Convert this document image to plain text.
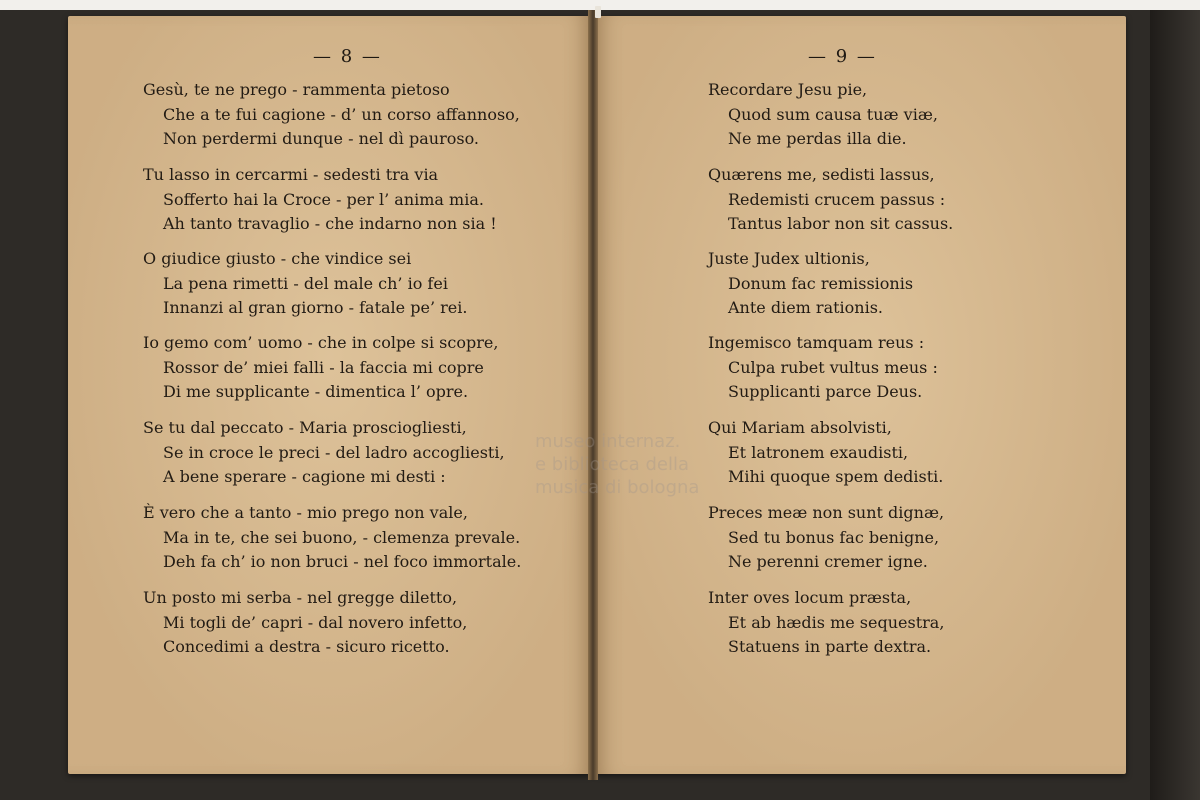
— 8 —	— 9 —
museo internaz.
e biblioteca della
musica di bologna
Gesù, te ne prego - rammenta pietoso
Che a te fui cagione - d’ un corso affannoso,
Non perdermi dunque - nel dì pauroso.
Tu lasso in cercarmi - sedesti tra via
Sofferto hai la Croce - per l’ anima mia.
Ah tanto travaglio - che indarno non sia !
O giudice giusto - che vindice sei
La pena rimetti - del male ch’ io fei
Innanzi al gran giorno - fatale pe’ rei.
Io gemo com’ uomo - che in colpe si scopre,
Rossor de’ miei falli - la faccia mi copre
Di me supplicante - dimentica l’ opre.
Se tu dal peccato - Maria prosciogliesti,
Se in croce le preci - del ladro accogliesti,
A bene sperare - cagione mi desti :
È vero che a tanto - mio prego non vale,
Ma in te, che sei buono, - clemenza prevale.
Deh fa ch’ io non bruci - nel foco immortale.
Un posto mi serba - nel gregge diletto,
Mi togli de’ capri - dal novero infetto,
Concedimi a destra - sicuro ricetto.
Recordare Jesu pie,
Quod sum causa tuæ viæ,
Ne me perdas illa die.
Quærens me, sedisti lassus,
Redemisti crucem passus :
Tantus labor non sit cassus.
Juste Judex ultionis,
Donum fac remissionis
Ante diem rationis.
Ingemisco tamquam reus :
Culpa rubet vultus meus :
Supplicanti parce Deus.
Qui Mariam absolvisti,
Et latronem exaudisti,
Mihi quoque spem dedisti.
Preces meæ non sunt dignæ,
Sed tu bonus fac benigne,
Ne perenni cremer igne.
Inter oves locum præsta,
Et ab hædis me sequestra,
Statuens in parte dextra.
